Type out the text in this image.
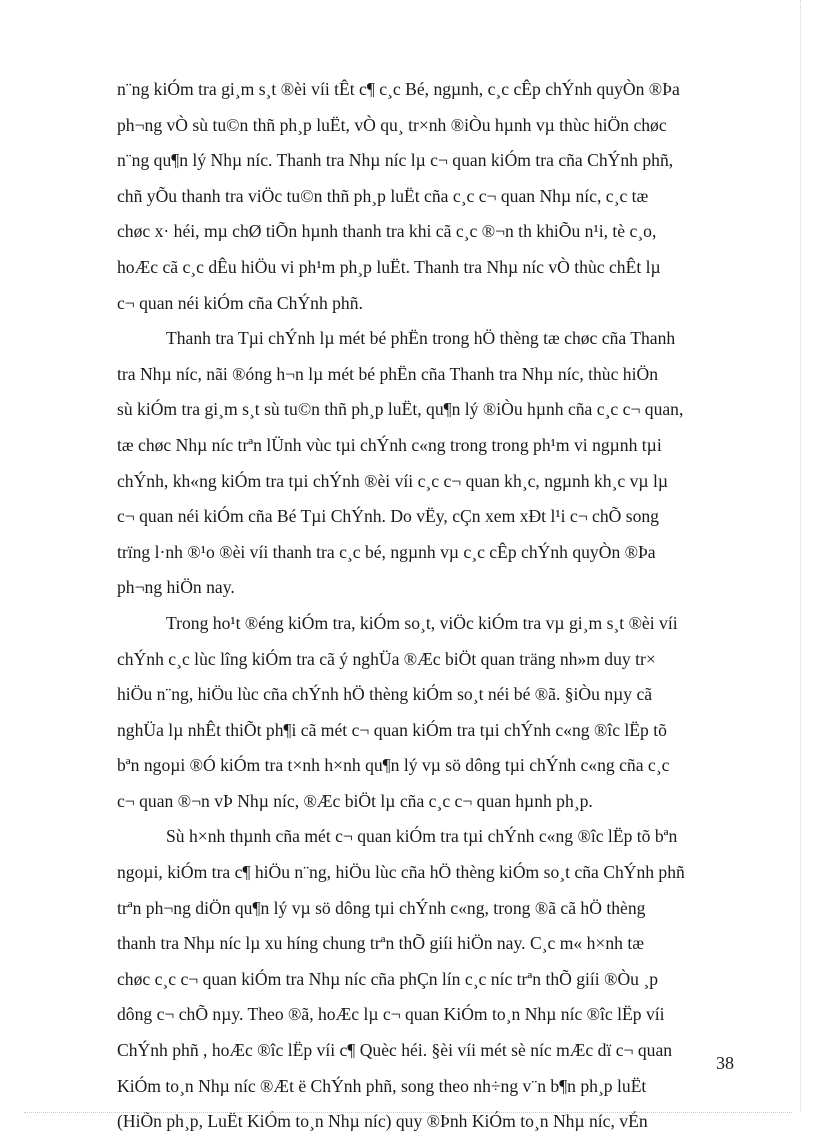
n¨ng kiÓm tra gi¸m s¸t ®èi víi tÊt c¶ c¸c Bé, ngµnh, c¸c cÊp chÝnh quyÒn ®Þa
ph¬ng vÒ sù tu©n thñ ph¸p luËt, vÒ qu¸ tr×nh ®iÒu hµnh vµ thùc hiÖn chøc
n¨ng qu¶n lý Nhµ níc. Thanh tra Nhµ níc lµ c¬ quan kiÓm tra cña ChÝnh phñ,
chñ yÕu thanh tra viÖc tu©n thñ ph¸p luËt cña c¸c c¬ quan Nhµ níc, c¸c tæ
chøc x· héi, mµ chØ tiÕn hµnh thanh tra khi cã c¸c ®¬n th khiÕu n¹i, tè c¸o,
hoÆc cã c¸c dÊu hiÖu vi ph¹m ph¸p luËt. Thanh tra Nhµ níc vÒ thùc chÊt lµ
c¬ quan néi kiÓm cña ChÝnh phñ.
Thanh tra Tµi chÝnh lµ mét bé phËn trong hÖ thèng tæ chøc cña Thanh
tra Nhµ níc, nãi ®óng h¬n lµ mét bé phËn cña Thanh tra Nhµ níc, thùc hiÖn
sù kiÓm tra gi¸m s¸t sù tu©n thñ ph¸p luËt, qu¶n lý ®iÒu hµnh cña c¸c c¬ quan,
tæ chøc Nhµ níc trªn lÜnh vùc tµi chÝnh c«ng trong trong ph¹m vi ngµnh tµi
chÝnh, kh«ng kiÓm tra tµi chÝnh ®èi víi c¸c c¬ quan kh¸c, ngµnh kh¸c vµ lµ
c¬ quan néi kiÓm cña Bé Tµi ChÝnh. Do vËy, cÇn xem xÐt l¹i c¬ chÕ song
trïng l·nh ®¹o ®èi víi thanh tra c¸c bé, ngµnh vµ c¸c cÊp chÝnh quyÒn ®Þa
ph¬ng hiÖn nay.
Trong ho¹t ®éng kiÓm tra, kiÓm so¸t, viÖc kiÓm tra vµ gi¸m s¸t ®èi víi
chÝnh c¸c lùc lîng kiÓm tra cã ý nghÜa ®Æc biÖt quan träng nh»m duy tr×
hiÖu n¨ng, hiÖu lùc cña chÝnh hÖ thèng kiÓm so¸t néi bé ®ã. §iÒu nµy cã
nghÜa lµ nhÊt thiÕt ph¶i cã mét c¬ quan kiÓm tra tµi chÝnh c«ng ®îc lËp tõ
bªn ngoµi ®Ó kiÓm tra t×nh h×nh qu¶n lý vµ sö dông tµi chÝnh c«ng cña c¸c
c¬ quan ®¬n vÞ Nhµ níc, ®Æc biÖt lµ cña c¸c c¬ quan hµnh ph¸p.
Sù h×nh thµnh cña mét c¬ quan kiÓm tra tµi chÝnh c«ng ®îc lËp tõ bªn
ngoµi, kiÓm tra c¶ hiÖu n¨ng, hiÖu lùc cña hÖ thèng kiÓm so¸t cña ChÝnh phñ
trªn ph¬ng diÖn qu¶n lý vµ sö dông tµi chÝnh c«ng, trong ®ã cã hÖ thèng
thanh tra Nhµ níc lµ xu híng chung trªn thÕ giíi hiÖn nay. C¸c m« h×nh tæ
chøc c¸c c¬ quan kiÓm tra Nhµ níc cña phÇn lín c¸c níc trªn thÕ giíi ®Òu ¸p
dông c¬ chÕ nµy. Theo ®ã, hoÆc lµ c¬ quan KiÓm to¸n Nhµ níc ®îc lËp víi
ChÝnh phñ , hoÆc ®îc lËp víi c¶ Quèc héi. §èi víi mét sè níc mÆc dï c¬ quan
KiÓm to¸n Nhµ níc ®Æt ë ChÝnh phñ, song theo nh÷ng v¨n b¶n ph¸p luËt
(HiÕn ph¸p, LuËt KiÓm to¸n Nhµ níc) quy ®Þnh KiÓm to¸n Nhµ níc, vÉn
38
